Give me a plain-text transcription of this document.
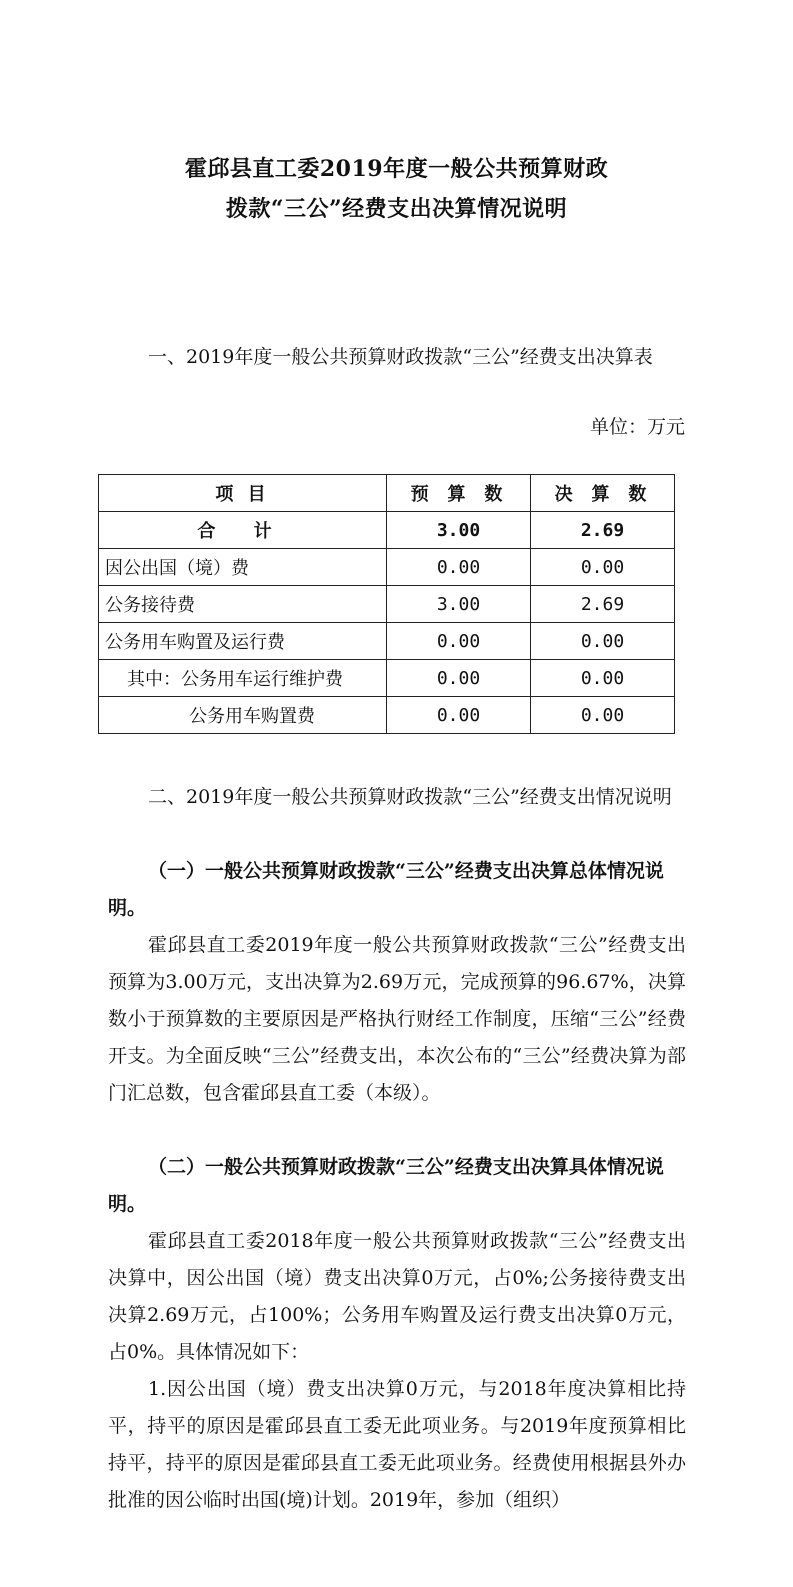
霍邱县直工委2019年度一般公共预算财政
拨款“三公”经费支出决算情况说明
一、2019年度一般公共预算财政拨款“三公”经费支出决算表
单位：万元
项 目	预 算 数	决 算 数
合 计	3.00	2.69
因公出国（境）费	0.00	0.00
公务接待费	3.00	2.69
公务用车购置及运行费	0.00	0.00
其中：公务用车运行维护费	0.00	0.00
公务用车购置费	0.00	0.00
二、2019年度一般公共预算财政拨款“三公”经费支出情况说明
（一）一般公共预算财政拨款“三公”经费支出决算总体情况说明。
霍邱县直工委2019年度一般公共预算财政拨款“三公”经费支出预算为3.00万元，支出决算为2.69万元，完成预算的96.67%，决算数小于预算数的主要原因是严格执行财经工作制度，压缩“三公”经费开支。为全面反映“三公”经费支出，本次公布的“三公”经费决算为部门汇总数，包含霍邱县直工委（本级）。
（二）一般公共预算财政拨款“三公”经费支出决算具体情况说明。
霍邱县直工委2018年度一般公共预算财政拨款“三公”经费支出决算中，因公出国（境）费支出决算0万元，占0%;公务接待费支出决算2.69万元，占100%；公务用车购置及运行费支出决算0万元，占0%。具体情况如下：
1.因公出国（境）费支出决算0万元，与2018年度决算相比持平，持平的原因是霍邱县直工委无此项业务。与2019年度预算相比持平，持平的原因是霍邱县直工委无此项业务。经费使用根据县外办批准的因公临时出国(境)计划。2019年，参加（组织）
